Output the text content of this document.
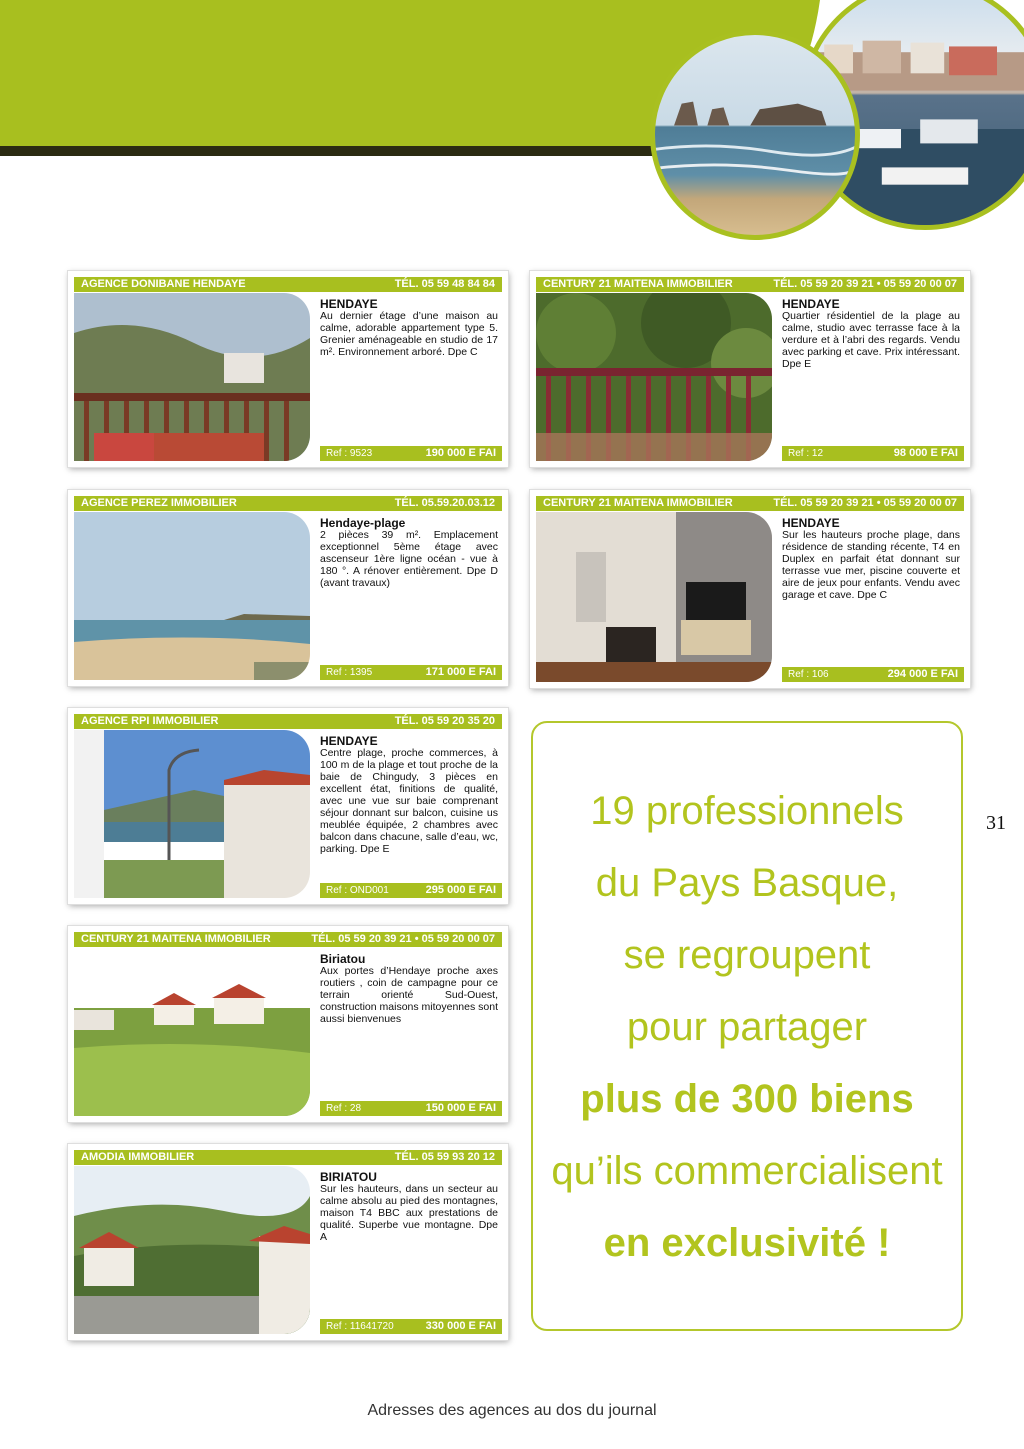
AGENCE DONIBANE HENDAYE	TÉL. 05 59 48 84 84
HENDAYE
Au dernier étage d’une maison au calme, adorable appartement type 5. Grenier aménageable en studio de 17 m². Environnement arboré. Dpe C
Ref : 9523	190 000 E FAI
CENTURY 21 MAITENA IMMOBILIER	TÉL. 05 59 20 39 21 • 05 59 20 00 07
HENDAYE
Quartier résidentiel de la plage au calme, studio avec terrasse face à la verdure et à l’abri des regards. Vendu avec parking et cave. Prix intéressant. Dpe E
Ref : 12	98 000 E FAI
AGENCE PEREZ IMMOBILIER	TÉL. 05.59.20.03.12
Hendaye-plage
2 pièces 39 m². Emplacement exceptionnel 5ème étage avec ascenseur 1ère ligne océan - vue à 180 °. A rénover entièrement. Dpe D (avant travaux)
Ref : 1395	171 000 E FAI
CENTURY 21 MAITENA IMMOBILIER	TÉL. 05 59 20 39 21 • 05 59 20 00 07
HENDAYE
Sur les hauteurs proche plage, dans résidence de standing récente, T4 en Duplex en parfait état donnant sur terrasse vue mer, piscine couverte et aire de jeux pour enfants. Vendu avec garage et cave. Dpe C
Ref : 106	294 000 E FAI
AGENCE RPI IMMOBILIER	TÉL. 05 59 20 35 20
HENDAYE
Centre plage, proche commerces, à 100 m de la plage et tout proche de la baie de Chingudy, 3 pièces en excellent état, finitions de qualité, avec une vue sur baie comprenant séjour donnant sur balcon, cuisine us meublée équipée, 2 chambres avec balcon dans chacune, salle d’eau, wc, parking. Dpe E
Ref : OND001	295 000 E FAI
CENTURY 21 MAITENA IMMOBILIER	TÉL. 05 59 20 39 21 • 05 59 20 00 07
Biriatou
Aux portes d’Hendaye proche axes routiers , coin de campagne pour ce terrain orienté Sud-Ouest, construction maisons mitoyennes sont aussi bienvenues
Ref : 28	150 000 E FAI
AMODIA IMMOBILIER	TÉL. 05 59 93 20 12
BIRIATOU
Sur les hauteurs, dans un secteur au calme absolu au pied des montagnes, maison T4 BBC aux prestations de qualité. Superbe vue montagne. Dpe A
Ref : 11641720	330 000 E FAI
19 professionnels
du Pays Basque,
se regroupent
pour partager
plus de 300 biens
qu’ils commercialisent
en exclusivité !
31
Adresses des agences au dos du journal
